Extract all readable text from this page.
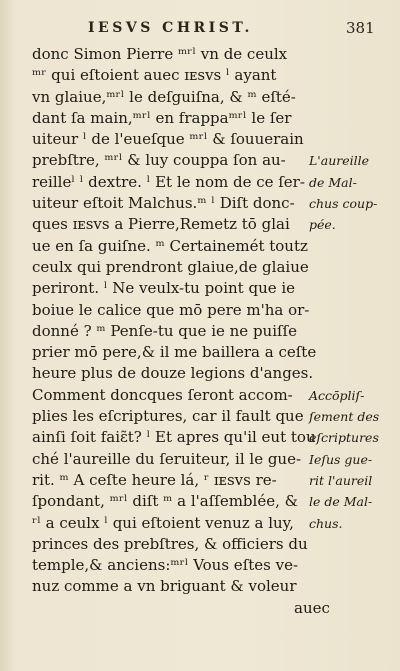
IESVS CHRIST.	381
donc Simon Pierre ᵐʳˡ vn de ceulx
ᵐʳ qui eſtoient auec ɪᴇsᴠs ˡ ayant
vn glaiue,ᵐʳˡ le deſguiſna, & ᵐ eſté-
dant ſa main,ᵐʳˡ en frappaᵐʳˡ le ſer
uiteur ˡ de l'eueſque ᵐʳˡ & ſouuerain
prebſtre, ᵐʳˡ & luy couppa ſon au- L'aureille
reilleˡ ˡ dextre. ˡ Et le nom de ce ſer- de Mal-
uiteur eſtoit Malchus.ᵐ ˡ Diſt donc- chus coup-
ques ɪᴇsᴠs a Pierre,Remetz tō glai pée.
ue en ſa guiſne. ᵐ Certainemét toutz
ceulx qui prendront glaiue,de glaiue
periront. ˡ Ne veulx-tu point que ie
boiue le calice que mō pere m'ha or-
donné ? ᵐ Penſe-tu que ie ne puiſſe
prier mō pere,& il me baillera a ceſte
heure plus de douze legions d'anges.
Comment doncques ſeront accom- Accōpliſ-
plies les eſcriptures, car il fault que ſement des
ainſi ſoit faiɛ̃t? ˡ Et apres qu'il eut tou
eſcriptures
ché l'aureille du ſeruiteur, il le gue- Ieſus gue-
rit. ᵐ A ceſte heure lá, ʳ ɪᴇsᴠs re-	rit l'aureil
ſpondant, ᵐʳˡ diſt ᵐ a l'aſſemblée, & le de Mal-
ʳˡ a ceulx ˡ qui eſtoient venuz a luy, chus.
princes des prebſtres, & officiers du
temple,& anciens:ᵐʳˡ Vous eſtes ve-
nuz comme a vn briguant & voleur
auec
